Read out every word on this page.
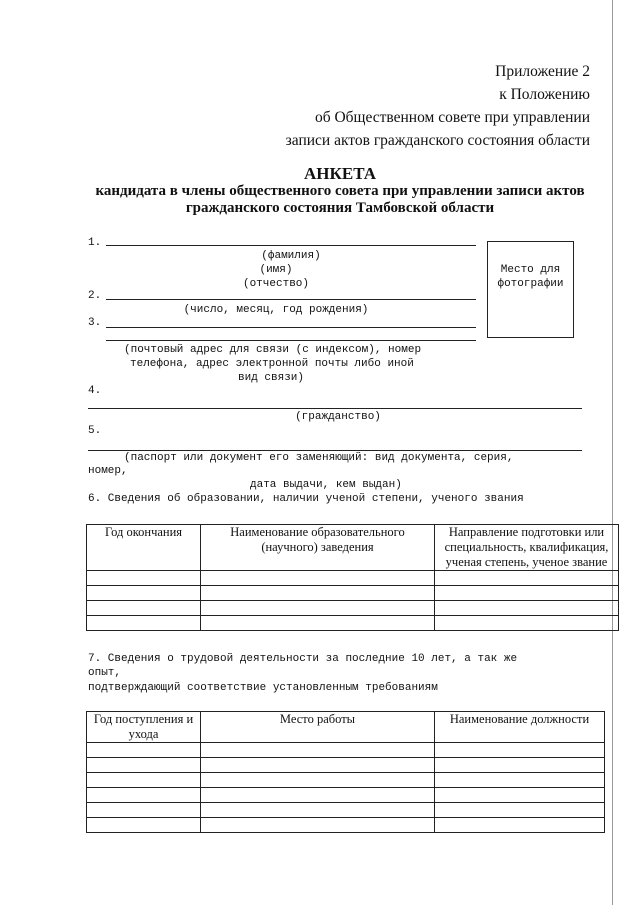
Приложение 2
к Положению
об Общественном совете при управлении
записи актов гражданского состояния области
АНКЕТА
кандидата в члены общественного совета при управлении записи актов
гражданского состояния Тамбовской области
1.
(фамилия)
(имя)
(отчество)
2.
(число, месяц, год рождения)
3.
(почтовый адрес для связи (с индексом), номер
телефона, адрес электронной почты либо иной
вид связи)
Место для
фотографии
4.
(гражданство)
5.
(паспорт или документ его заменяющий: вид документа, серия,
номер,
дата выдачи, кем выдан)
6. Сведения об образовании, наличии ученой степени, ученого звания
Год окончания	Наименование образовательного (научного) заведения	Направление подготовки или специальность, квалификация, ученая степень, ученое звание

7. Сведения о трудовой деятельности за последние 10 лет, а так же
опыт,
подтверждающий соответствие установленным требованиям
Год поступления и ухода	Место работы	Наименование должности
